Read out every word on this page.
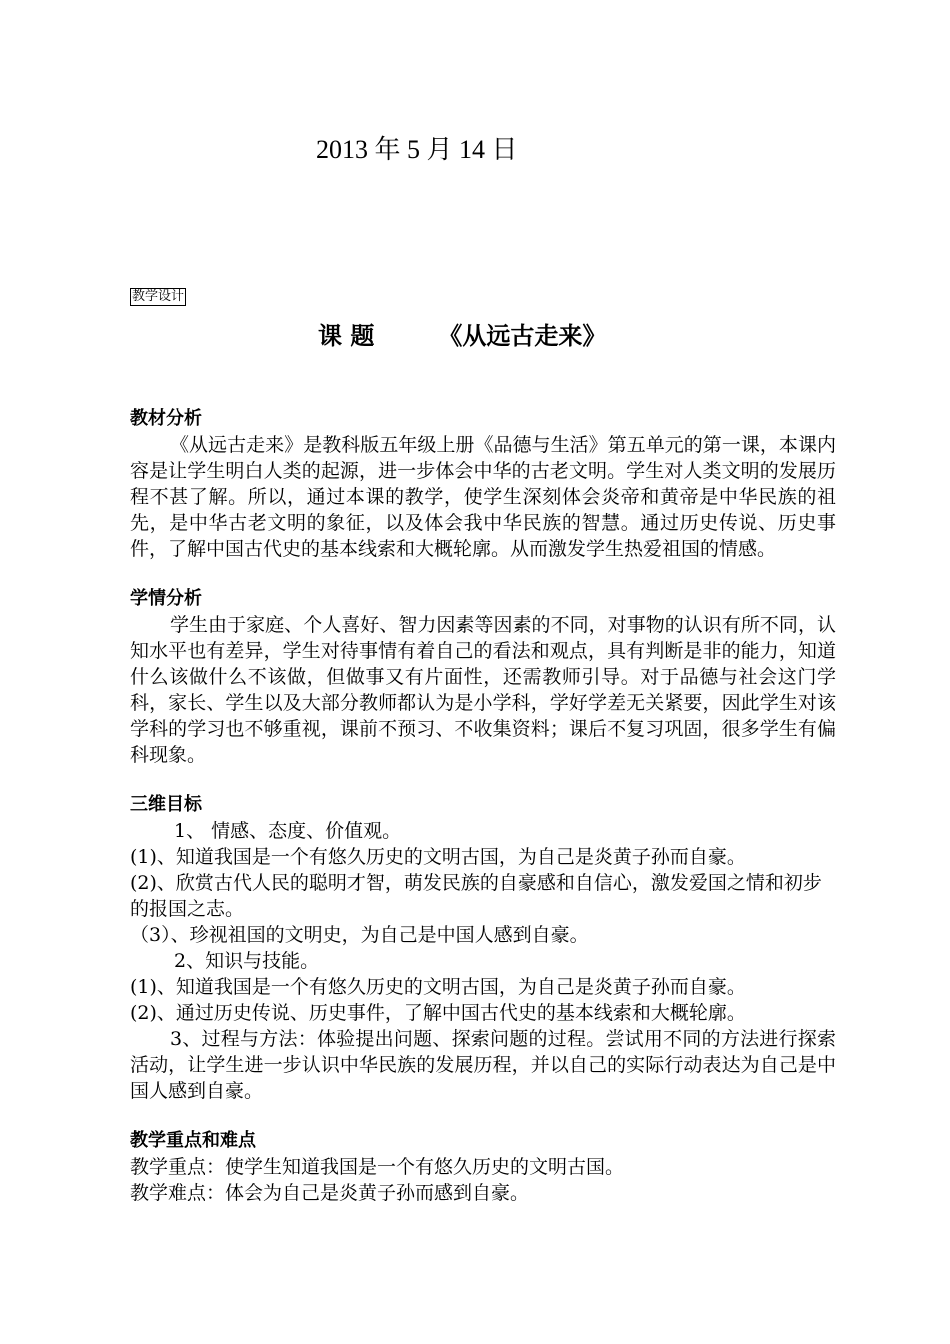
2013 年 5 月 14 日
教学设计
课 题	《从远古走来》
教材分析
《从远古走来》是教科版五年级上册《品德与生活》第五单元的第一课，本课内容是让学生明白人类的起源，进一步体会中华的古老文明。学生对人类文明的发展历程不甚了解。所以，通过本课的教学，使学生深刻体会炎帝和黄帝是中华民族的祖先，是中华古老文明的象征，以及体会我中华民族的智慧。通过历史传说、历史事件，了解中国古代史的基本线索和大概轮廓。从而激发学生热爱祖国的情感。
学情分析
学生由于家庭、个人喜好、智力因素等因素的不同，对事物的认识有所不同，认知水平也有差异，学生对待事情有着自己的看法和观点，具有判断是非的能力，知道什么该做什么不该做，但做事又有片面性，还需教师引导。对于品德与社会这门学科，家长、学生以及大部分教师都认为是小学科，学好学差无关紧要，因此学生对该学科的学习也不够重视，课前不预习、不收集资料；课后不复习巩固，很多学生有偏科现象。
三维目标
1、 情感、态度、价值观。
(1)、知道我国是一个有悠久历史的文明古国，为自己是炎黄子孙而自豪。
(2)、欣赏古代人民的聪明才智，萌发民族的自豪感和自信心，激发爱国之情和初步的报国之志。
（3）、珍视祖国的文明史，为自己是中国人感到自豪。
2、知识与技能。
(1)、知道我国是一个有悠久历史的文明古国，为自己是炎黄子孙而自豪。
(2)、通过历史传说、历史事件，了解中国古代史的基本线索和大概轮廓。
3、过程与方法：体验提出问题、探索问题的过程。尝试用不同的方法进行探索活动，让学生进一步认识中华民族的发展历程，并以自己的实际行动表达为自己是中国人感到自豪。
教学重点和难点
教学重点：使学生知道我国是一个有悠久历史的文明古国。
教学难点：体会为自己是炎黄子孙而感到自豪。
